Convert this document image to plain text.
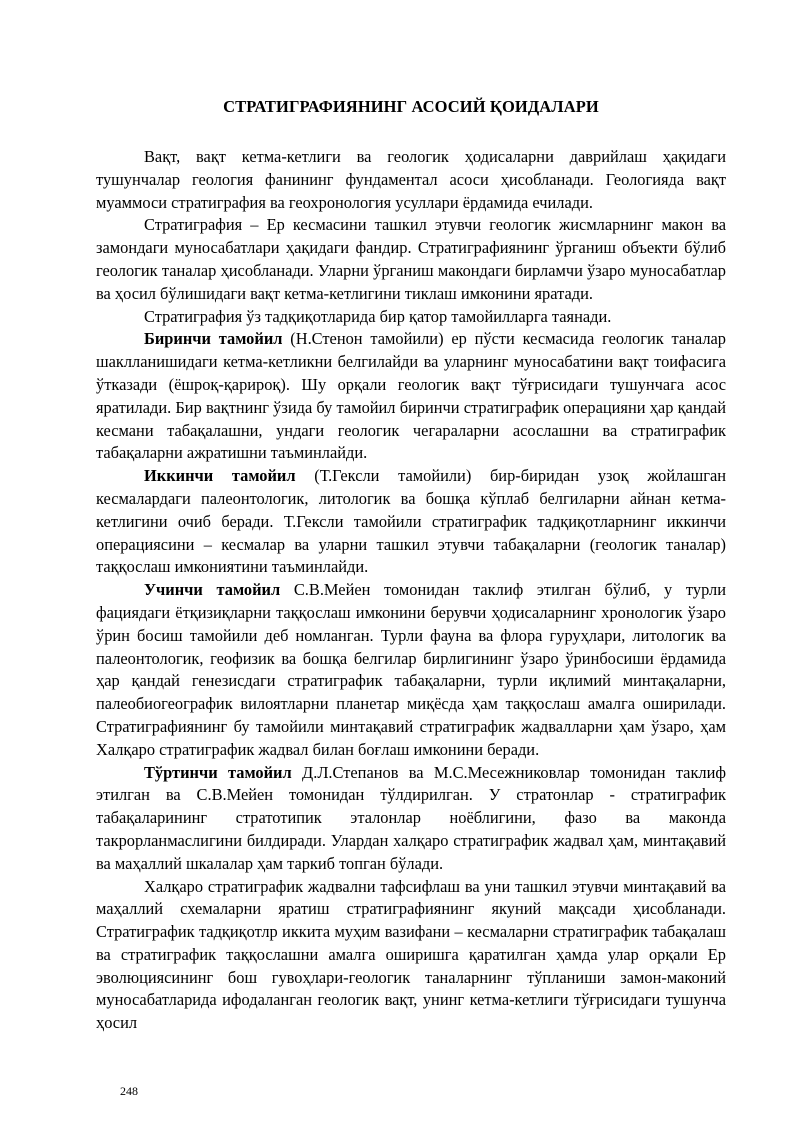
СТРАТИГРАФИЯНИНГ АСОСИЙ ҚОИДАЛАРИ

Вақт, вақт кетма-кетлиги ва геологик ҳодисаларни даврийлаш ҳақидаги тушунчалар геология фанининг фундаментал асоси ҳисобланади. Геологияда вақт муаммоси стратиграфия ва геохронология усуллари ёрдамида ечилади.

Стратиграфия – Ер кесмасини ташкил этувчи геологик жисмларнинг макон ва замондаги муносабатлари ҳақидаги фандир. Стратиграфиянинг ўрганиш объекти бўлиб геологик таналар ҳисобланади. Уларни ўрганиш макондаги бирламчи ўзаро муносабатлар ва ҳосил бўлишидаги вақт кетма-кетлигини тиклаш имконини яратади.

Стратиграфия ўз тадқиқотларида бир қатор тамойилларга таянади.

Биринчи тамойил (Н.Стенон тамойили) ер пўсти кесмасида геологик таналар шаклланишидаги кетма-кетликни белгилайди ва уларнинг муносабатини вақт тоифасига ўтказади (ёшроқ-қарироқ). Шу орқали геологик вақт тўғрисидаги тушунчага асос яратилади. Бир вақтнинг ўзида бу тамойил биринчи стратиграфик операцияни ҳар қандай кесмани табақалашни, ундаги геологик чегараларни асослашни ва стратиграфик табақаларни ажратишни таъминлайди.

Иккинчи тамойил (Т.Гексли тамойили) бир-биридан узоқ жойлашган кесмалардаги палеонтологик, литологик ва бошқа кўплаб белгиларни айнан кетма-кетлигини очиб беради. Т.Гексли тамойили стратиграфик тадқиқотларнинг иккинчи операциясини – кесмалар ва уларни ташкил этувчи табақаларни (геологик таналар) таққослаш имкониятини таъминлайди.

Учинчи тамойил С.В.Мейен томонидан таклиф этилган бўлиб, у турли фациядаги ётқизиқларни таққослаш имконини берувчи ҳодисаларнинг хронологик ўзаро ўрин босиш тамойили деб номланган. Турли фауна ва флора гуруҳлари, литологик ва палеонтологик, геофизик ва бошқа белгилар бирлигининг ўзаро ўринбосиши ёрдамида ҳар қандай генезисдаги стратиграфик табақаларни, турли иқлимий минтақаларни, палеобиогеографик вилоятларни планетар миқёсда ҳам таққослаш амалга оширилади. Стратиграфиянинг бу тамойили минтақавий стратиграфик жадвалларни ҳам ўзаро, ҳам Халқаро стратиграфик жадвал билан боғлаш имконини беради.

Тўртинчи тамойил Д.Л.Степанов ва М.С.Месежниковлар томонидан таклиф этилган ва С.В.Мейен томонидан тўлдирилган. У стратонлар - стратиграфик табақаларининг стратотипик эталонлар ноёблигини, фазо ва маконда такрорланмаслигини билдиради. Улардан халқаро стратиграфик жадвал ҳам, минтақавий ва маҳаллий шкалалар ҳам таркиб топган бўлади.

Халқаро стратиграфик жадвални тафсифлаш ва уни ташкил этувчи минтақавий ва маҳаллий схемаларни яратиш стратиграфиянинг якуний мақсади ҳисобланади. Стратиграфик тадқиқотлр иккита муҳим вазифани – кесмаларни стратиграфик табақалаш ва стратиграфик таққослашни амалга оширишга қаратилган ҳамда улар орқали Ер эволюциясининг бош гувоҳлари-геологик таналарнинг тўпланиши замон-маконий муносабатларида ифодаланган геологик вақт, унинг кетма-кетлиги тўғрисидаги тушунча ҳосил

248
